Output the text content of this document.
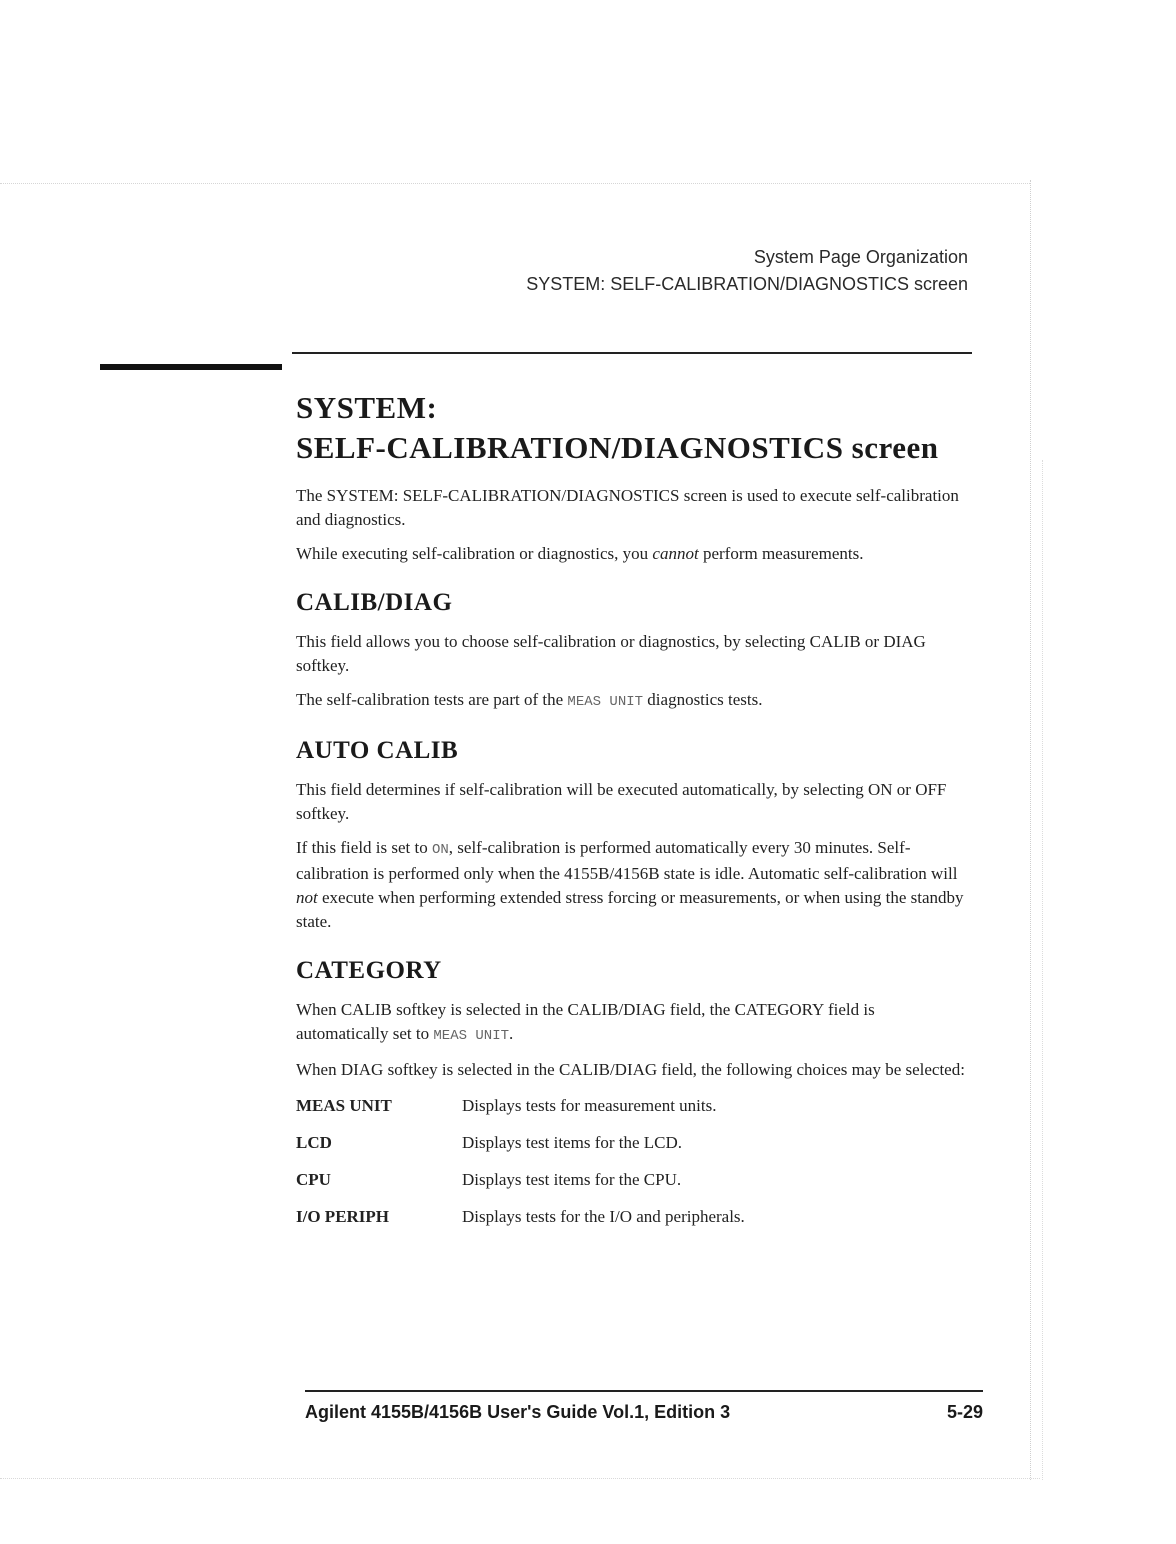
System Page Organization
SYSTEM: SELF-CALIBRATION/DIAGNOSTICS screen
SYSTEM:
SELF-CALIBRATION/DIAGNOSTICS screen

The SYSTEM: SELF-CALIBRATION/DIAGNOSTICS screen is used to execute self-calibration and diagnostics.

While executing self-calibration or diagnostics, you cannot perform measurements.

CALIB/DIAG

This field allows you to choose self-calibration or diagnostics, by selecting CALIB or DIAG softkey.

The self-calibration tests are part of the MEAS UNIT diagnostics tests.

AUTO CALIB

This field determines if self-calibration will be executed automatically, by selecting ON or OFF softkey.

If this field is set to ON, self-calibration is performed automatically every 30 minutes. Self-calibration is performed only when the 4155B/4156B state is idle. Automatic self-calibration will not execute when performing extended stress forcing or measurements, or when using the standby state.

CATEGORY

When CALIB softkey is selected in the CALIB/DIAG field, the CATEGORY field is automatically set to MEAS UNIT.

When DIAG softkey is selected in the CALIB/DIAG field, the following choices may be selected:

MEAS UNIT	Displays tests for measurement units.
LCD	Displays test items for the LCD.
CPU	Displays test items for the CPU.
I/O PERIPH	Displays tests for the I/O and peripherals.
Agilent 4155B/4156B User's Guide Vol.1, Edition 3	5-29
